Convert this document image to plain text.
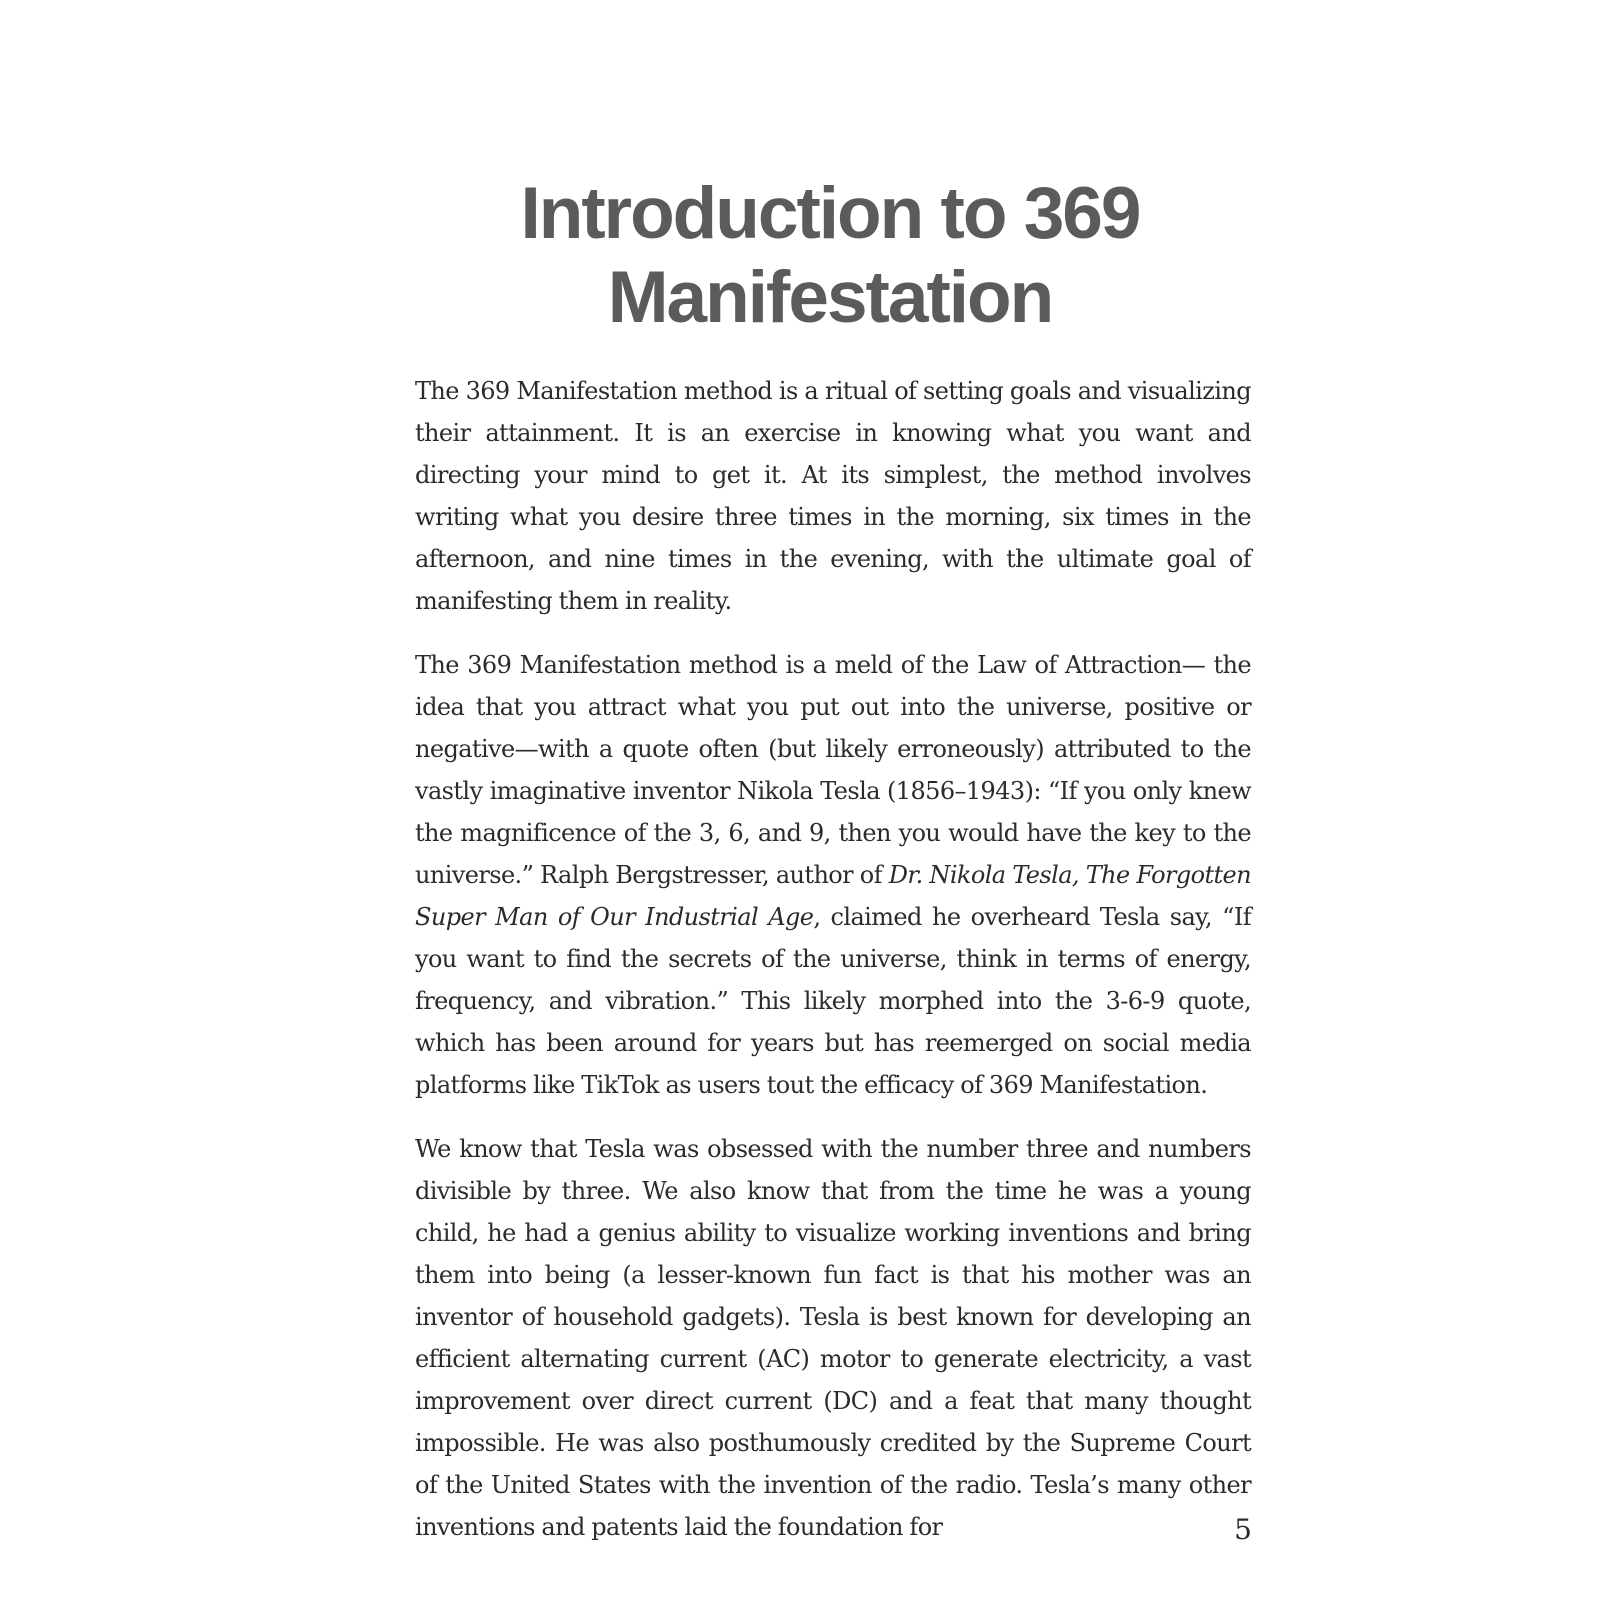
Introduction to 369
Manifestation

The 369 Manifestation method is a ritual of setting goals and visualizing their attainment. It is an exercise in knowing what you want and directing your mind to get it. At its simplest, the method involves writing what you desire three times in the morning, six times in the afternoon, and nine times in the evening, with the ultimate goal of manifesting them in reality.

The 369 Manifestation method is a meld of the Law of Attraction— the idea that you attract what you put out into the universe, positive or negative—with a quote often (but likely erroneously) attributed to the vastly imaginative inventor Nikola Tesla (1856–1943): “If you only knew the magnificence of the 3, 6, and 9, then you would have the key to the universe.” Ralph Bergstresser, author of Dr. Nikola Tesla, The Forgotten Super Man of Our Industrial Age, claimed he overheard Tesla say, “If you want to find the secrets of the universe, think in terms of energy, frequency, and vibration.” This likely morphed into the 3-6-9 quote, which has been around for years but has reemerged on social media platforms like TikTok as users tout the efficacy of 369 Manifestation.

We know that Tesla was obsessed with the number three and numbers divisible by three. We also know that from the time he was a young child, he had a genius ability to visualize working inventions and bring them into being (a lesser-known fun fact is that his mother was an inventor of household gadgets). Tesla is best known for developing an efficient alternating current (AC) motor to generate electricity, a vast improvement over direct current (DC) and a feat that many thought impossible. He was also posthumously credited by the Supreme Court of the United States with the invention of the radio. Tesla’s many other inventions and patents laid the foundation for	5
